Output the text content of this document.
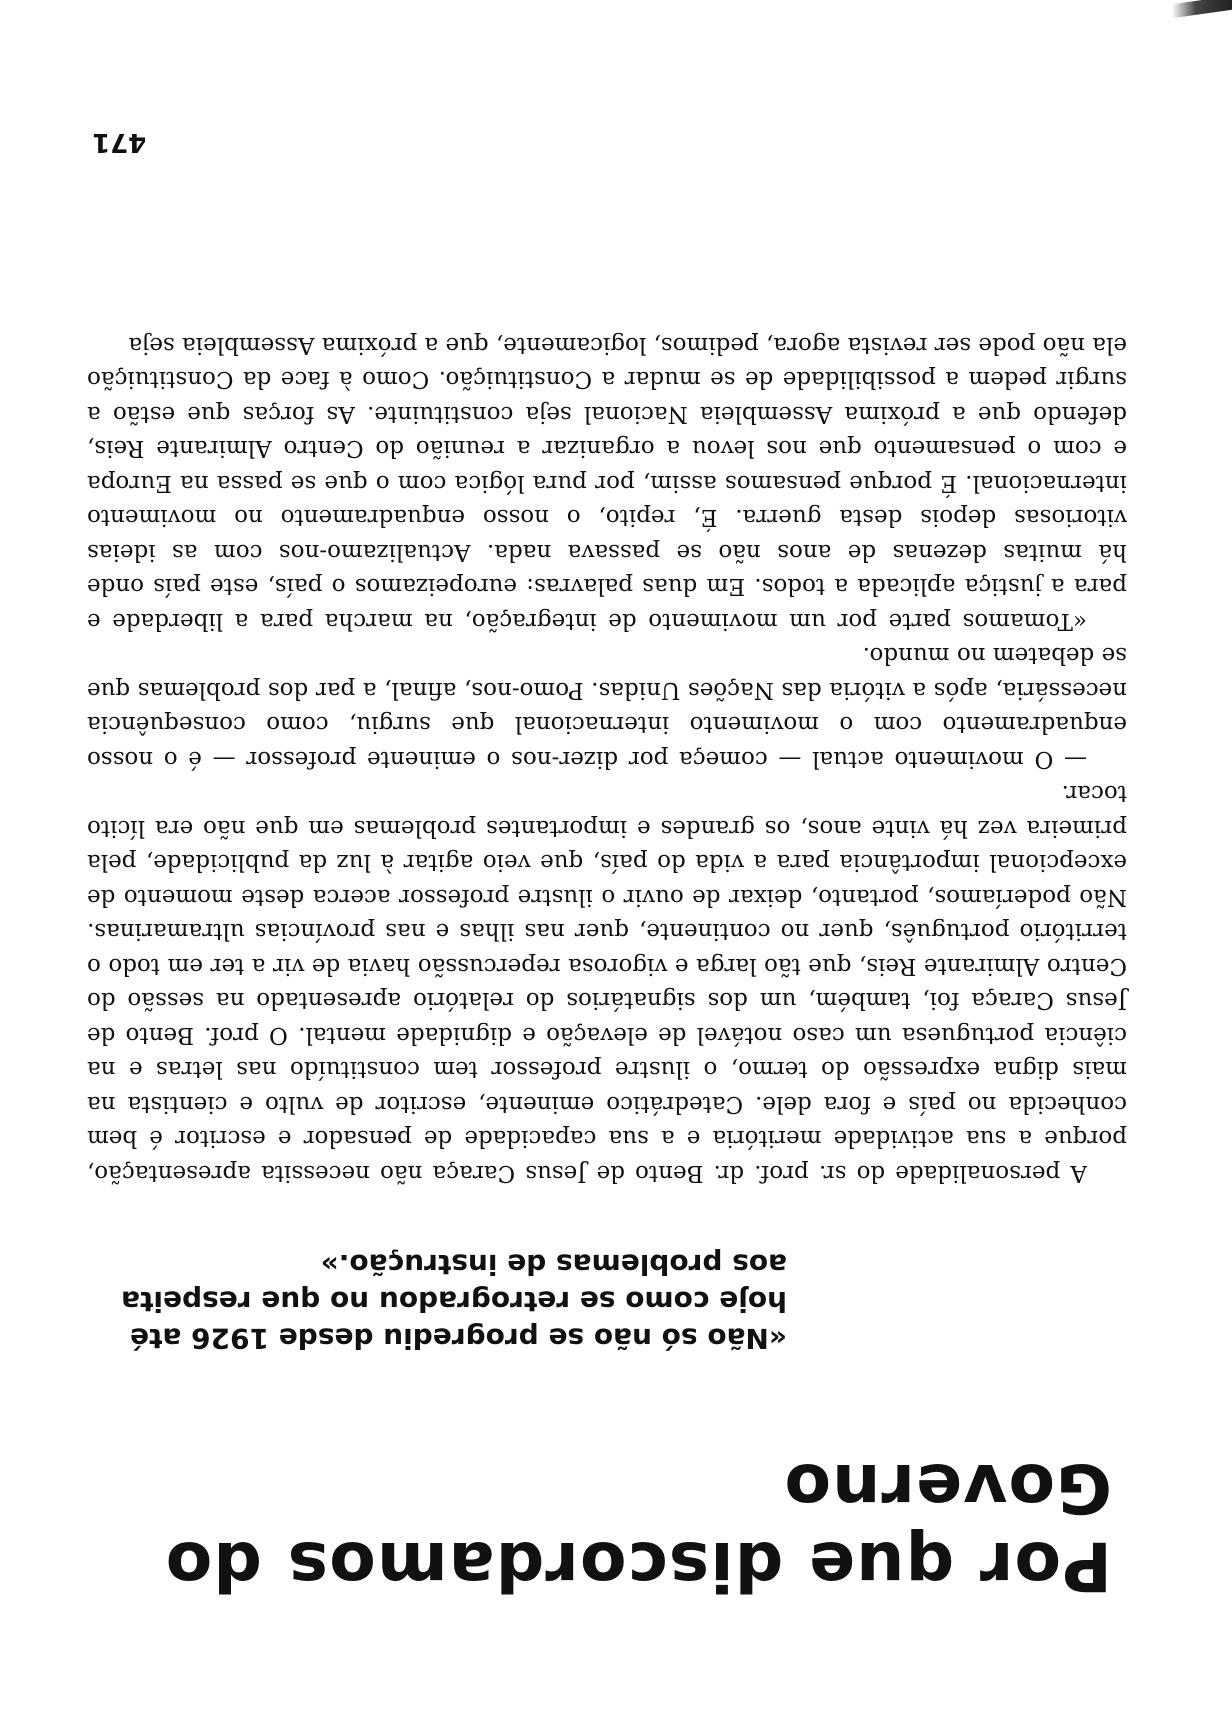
Por que discordamos do Governo

«Não só não se progrediu desde 1926 até hoje como se retrogradou no que respeita aos problemas de instrução.»

A personalidade do sr. prof. dr. Bento de Jesus Caraça não necessita apresentação, porque a sua actividade meritória e a sua capacidade de pensador e escritor é bem conhecida no país e fora dele. Catedrático eminente, escritor de vulto e cientista na mais digna expressão do termo, o ilustre professor tem constituído nas letras e na ciência portuguesa um caso notável de elevação e dignidade mental. O prof. Bento de Jesus Caraça foi, também, um dos signatários do relatório apresentado na sessão do Centro Almirante Reis, que tão larga e vigorosa repercussão havia de vir a ter em todo o território português, quer no continente, quer nas ilhas e nas províncias ultramarinas. Não poderíamos, portanto, deixar de ouvir o ilustre professor acerca deste momento de excepcional importância para a vida do país, que veio agitar à luz da publicidade, pela primeira vez há vinte anos, os grandes e importantes problemas em que não era lícito tocar.

— O movimento actual — começa por dizer-nos o eminente professor — é o nosso enquadramento com o movimento internacional que surgiu, como consequência necessária, após a vitória das Nações Unidas. Pomo-nos, afinal, a par dos problemas que se debatem no mundo.

«Tomamos parte por um movimento de integração, na marcha para a liberdade e para a justiça aplicada a todos. Em duas palavras: europeizamos o país, este país onde há muitas dezenas de anos não se passava nada. Actualizamo-nos com as ideias vitoriosas depois desta guerra. É, repito, o nosso enquadramento no movimento internacional. É porque pensamos assim, por pura lógica com o que se passa na Europa e com o pensamento que nos levou a organizar a reunião do Centro Almirante Reis, defendo que a próxima Assembleia Nacional seja constituinte. As forças que estão a surgir pedem a possibilidade de se mudar a Constituição. Como à face da Constituição ela não pode ser revista agora, pedimos, logicamente, que a próxima Assembleia seja

471
